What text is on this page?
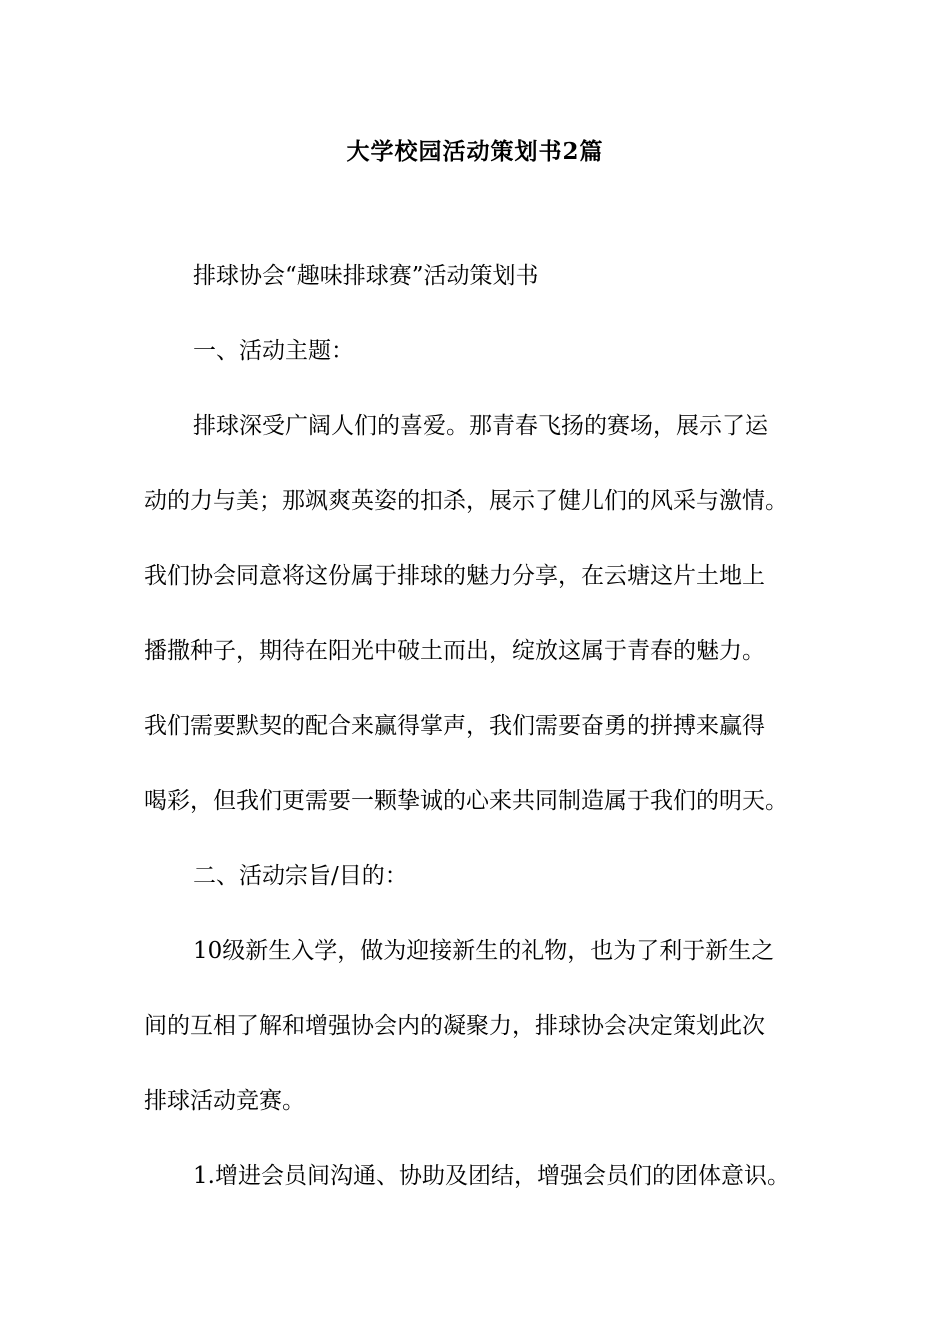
大学校园活动策划书2篇
排球协会“趣味排球赛”活动策划书
一、活动主题：
排球深受广阔人们的喜爱。那青春飞扬的赛场，展示了运
动的力与美；那飒爽英姿的扣杀，展示了健儿们的风采与激情。
我们协会同意将这份属于排球的魅力分享，在云塘这片土地上
播撒种子，期待在阳光中破土而出，绽放这属于青春的魅力。
我们需要默契的配合来赢得掌声，我们需要奋勇的拼搏来赢得
喝彩，但我们更需要一颗挚诚的心来共同制造属于我们的明天。
二、活动宗旨/目的：
10级新生入学，做为迎接新生的礼物，也为了利于新生之
间的互相了解和增强协会内的凝聚力，排球协会决定策划此次
排球活动竞赛。
1.增进会员间沟通、协助及团结，增强会员们的团体意识。
